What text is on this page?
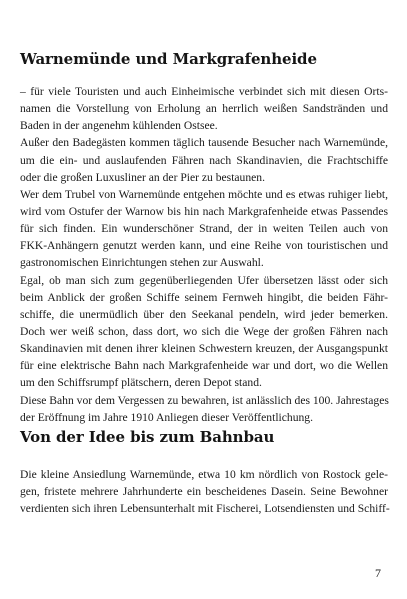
Warnemünde und Markgrafenheide
– für viele Touristen und auch Einheimische verbindet sich mit diesen Orts-
namen die Vorstellung von Erholung an herrlich weißen Sandstränden und
Baden in der angenehm kühlenden Ostsee.
Außer den Badegästen kommen täglich tausende Besucher nach Warnemünde,
um die ein- und auslaufenden Fähren nach Skandinavien, die Frachtschiffe
oder die großen Luxusliner an der Pier zu bestaunen.
Wer dem Trubel von Warnemünde entgehen möchte und es etwas ruhiger liebt,
wird vom Ostufer der Warnow bis hin nach Markgrafenheide etwas Passendes
für sich finden. Ein wunderschöner Strand, der in weiten Teilen auch von
FKK-Anhängern genutzt werden kann, und eine Reihe von touristischen und
gastronomischen Einrichtungen stehen zur Auswahl.
Egal, ob man sich zum gegenüberliegenden Ufer übersetzen lässt oder sich
beim Anblick der großen Schiffe seinem Fernweh hingibt, die beiden Fähr-
schiffe, die unermüdlich über den Seekanal pendeln, wird jeder bemerken.
Doch wer weiß schon, dass dort, wo sich die Wege der großen Fähren nach
Skandinavien mit denen ihrer kleinen Schwestern kreuzen, der Ausgangspunkt
für eine elektrische Bahn nach Markgrafenheide war und dort, wo die Wellen
um den Schiffsrumpf plätschern, deren Depot stand.
Diese Bahn vor dem Vergessen zu bewahren, ist anlässlich des 100. Jahrestages
der Eröffnung im Jahre 1910 Anliegen dieser Veröffentlichung.
Von der Idee bis zum Bahnbau
Die kleine Ansiedlung Warnemünde, etwa 10 km nördlich von Rostock gele-
gen, fristete mehrere Jahrhunderte ein bescheidenes Dasein. Seine Bewohner
verdienten sich ihren Lebensunterhalt mit Fischerei, Lotsendiensten und Schiff-
7
